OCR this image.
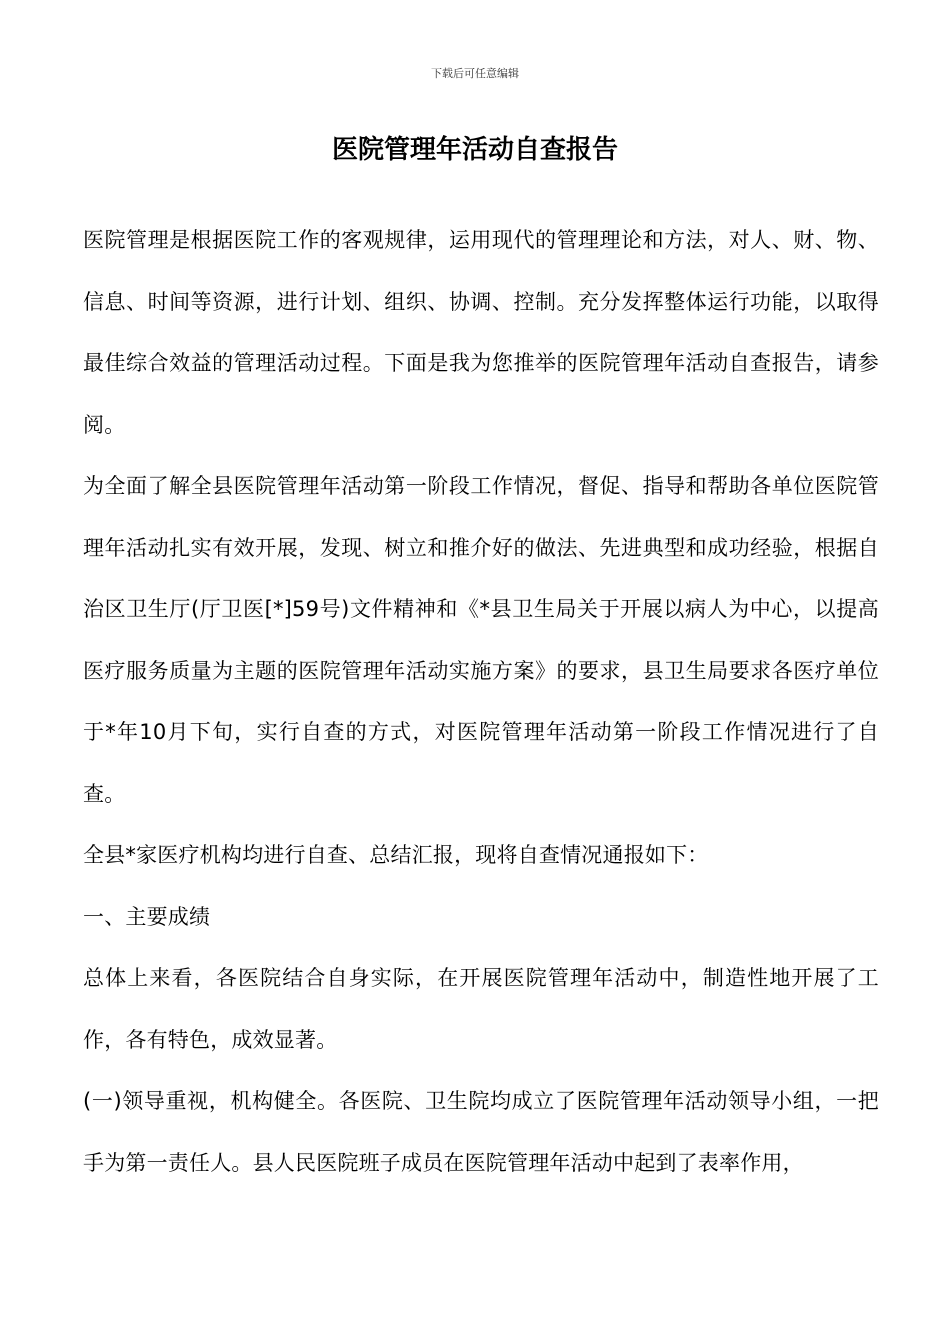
下载后可任意编辑
医院管理年活动自查报告

医院管理是根据医院工作的客观规律，运用现代的管理理论和方法，对人、财、物、信息、时间等资源，进行计划、组织、协调、控制。充分发挥整体运行功能，以取得最佳综合效益的管理活动过程。下面是我为您推举的医院管理年活动自查报告，请参阅。

为全面了解全县医院管理年活动第一阶段工作情况，督促、指导和帮助各单位医院管理年活动扎实有效开展，发现、树立和推介好的做法、先进典型和成功经验，根据自治区卫生厅(厅卫医[*]59号)文件精神和《*县卫生局关于开展以病人为中心，以提高医疗服务质量为主题的医院管理年活动实施方案》的要求，县卫生局要求各医疗单位于*年10月下旬，实行自查的方式，对医院管理年活动第一阶段工作情况进行了自查。

全县*家医疗机构均进行自查、总结汇报，现将自查情况通报如下：

一、主要成绩

总体上来看，各医院结合自身实际，在开展医院管理年活动中，制造性地开展了工作，各有特色，成效显著。

(一)领导重视，机构健全。各医院、卫生院均成立了医院管理年活动领导小组，一把手为第一责任人。县人民医院班子成员在医院管理年活动中起到了表率作用，
